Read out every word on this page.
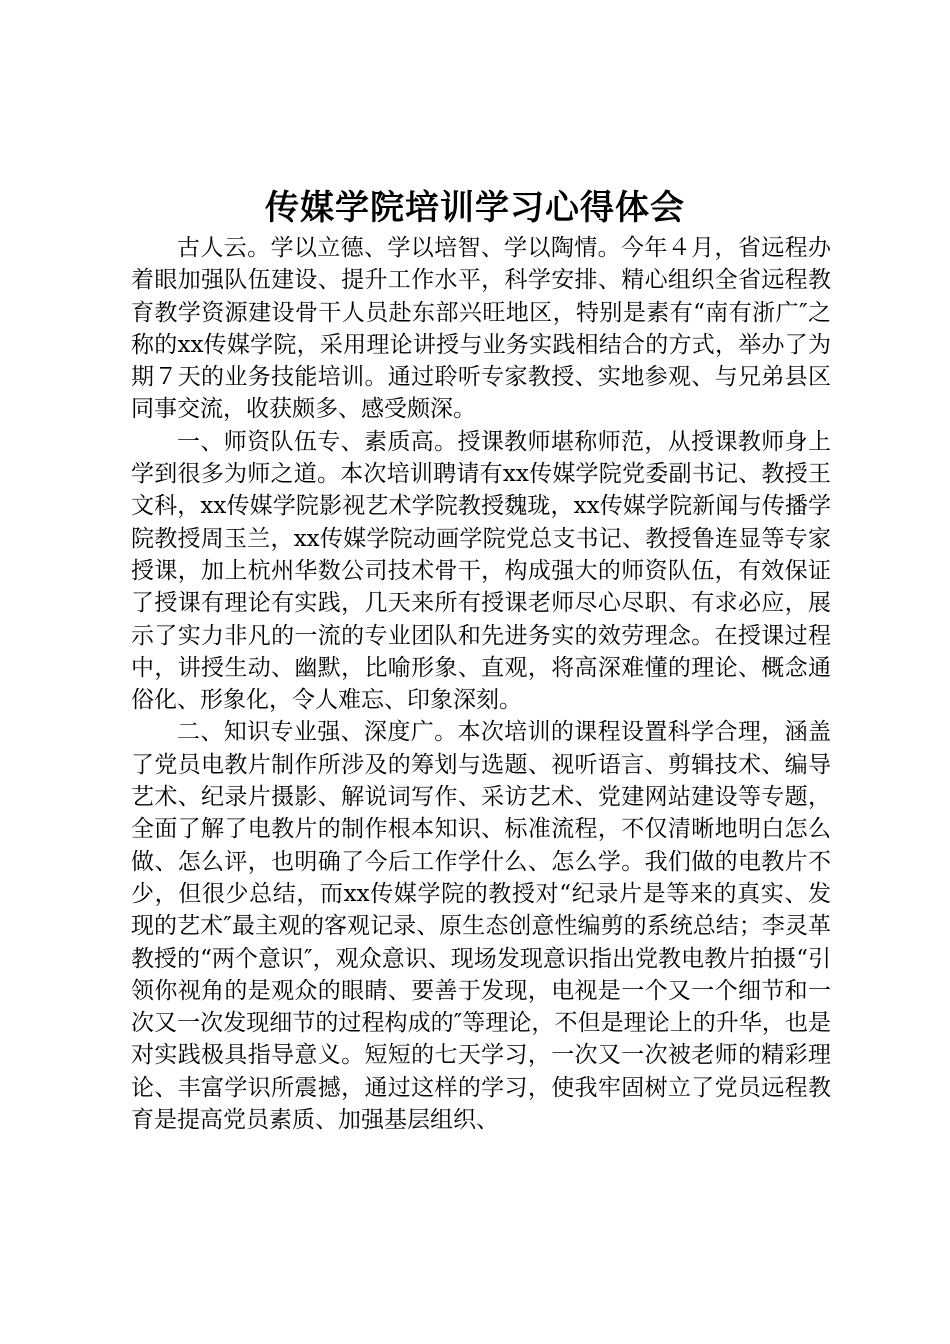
传媒学院培训学习心得体会

古人云。学以立德、学以培智、学以陶情。今年４月，省远程办着眼加强队伍建设、提升工作水平，科学安排、精心组织全省远程教育教学资源建设骨干人员赴东部兴旺地区，特别是素有“南有浙广″之称的xx传媒学院，采用理论讲授与业务实践相结合的方式，举办了为期７天的业务技能培训。通过聆听专家教授、实地参观、与兄弟县区同事交流，收获颇多、感受颇深。

一、师资队伍专、素质高。授课教师堪称师范，从授课教师身上学到很多为师之道。本次培训聘请有xx传媒学院党委副书记、教授王文科，xx传媒学院影视艺术学院教授魏珑，xx传媒学院新闻与传播学院教授周玉兰，xx传媒学院动画学院党总支书记、教授鲁连显等专家授课，加上杭州华数公司技术骨干，构成强大的师资队伍，有效保证了授课有理论有实践，几天来所有授课老师尽心尽职、有求必应，展示了实力非凡的一流的专业团队和先进务实的效劳理念。在授课过程中，讲授生动、幽默，比喻形象、直观，将高深难懂的理论、概念通俗化、形象化，令人难忘、印象深刻。

二、知识专业强、深度广。本次培训的课程设置科学合理，涵盖了党员电教片制作所涉及的筹划与选题、视听语言、剪辑技术、编导艺术、纪录片摄影、解说词写作、采访艺术、党建网站建设等专题，全面了解了电教片的制作根本知识、标准流程，不仅清晰地明白怎么做、怎么评，也明确了今后工作学什么、怎么学。我们做的电教片不少，但很少总结，而xx传媒学院的教授对“纪录片是等来的真实、发现的艺术″最主观的客观记录、原生态创意性编剪的系统总结；李灵革教授的“两个意识″，观众意识、现场发现意识指出党教电教片拍摄“引领你视角的是观众的眼睛、要善于发现，电视是一个又一个细节和一次又一次发现细节的过程构成的″等理论，不但是理论上的升华，也是对实践极具指导意义。短短的七天学习，一次又一次被老师的精彩理论、丰富学识所震撼，通过这样的学习，使我牢固树立了党员远程教育是提高党员素质、加强基层组织、
